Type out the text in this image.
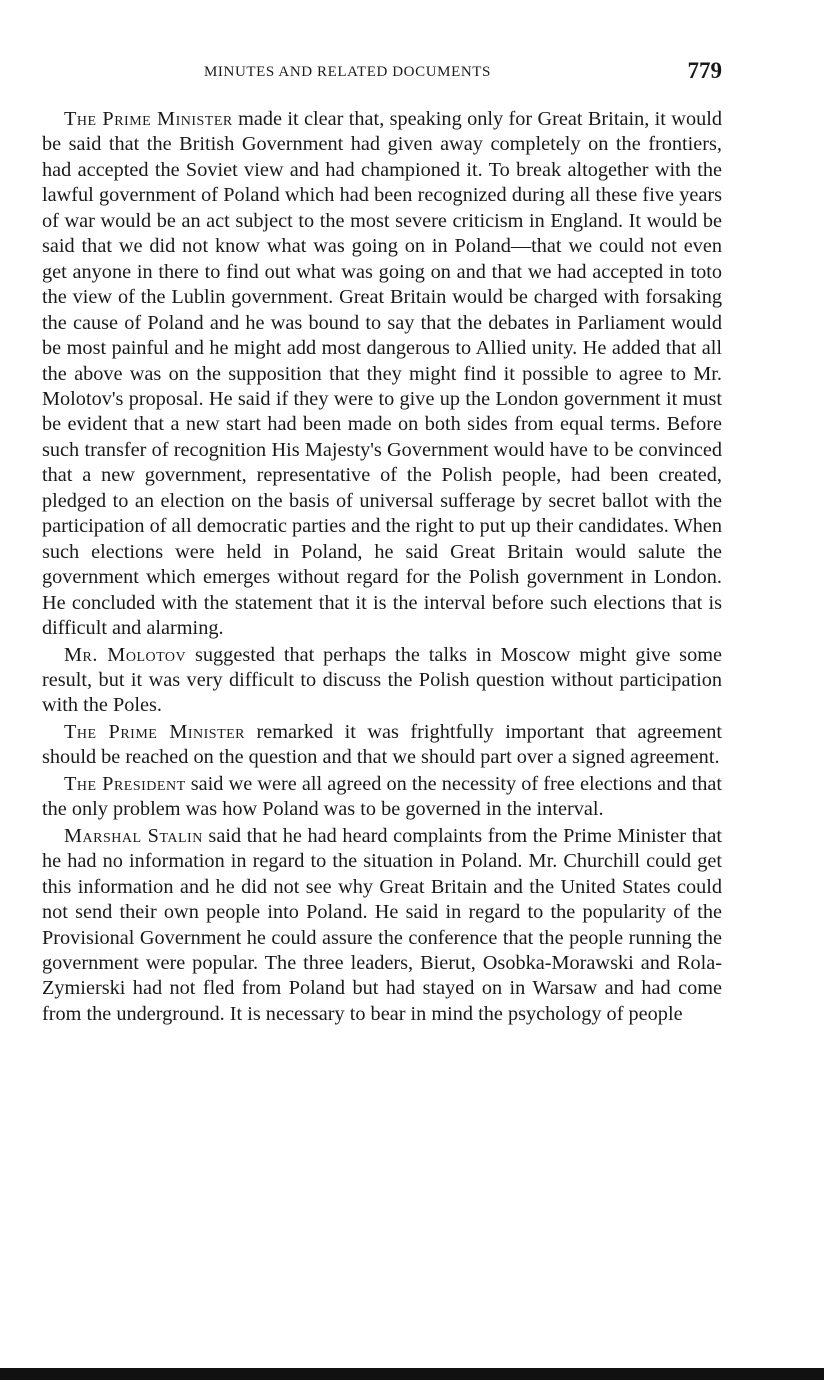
MINUTES AND RELATED DOCUMENTS	779

The Prime Minister made it clear that, speaking only for Great Britain, it would be said that the British Government had given away completely on the frontiers, had accepted the Soviet view and had championed it. To break altogether with the lawful government of Poland which had been recognized during all these five years of war would be an act subject to the most severe criticism in England. It would be said that we did not know what was going on in Poland—that we could not even get anyone in there to find out what was going on and that we had accepted in toto the view of the Lublin government. Great Britain would be charged with forsaking the cause of Poland and he was bound to say that the debates in Parliament would be most painful and he might add most dangerous to Allied unity. He added that all the above was on the supposition that they might find it possible to agree to Mr. Molotov's proposal. He said if they were to give up the London government it must be evident that a new start had been made on both sides from equal terms. Before such transfer of recognition His Majesty's Government would have to be convinced that a new government, representative of the Polish people, had been created, pledged to an election on the basis of universal sufferage by secret ballot with the participation of all democratic parties and the right to put up their candidates. When such elections were held in Poland, he said Great Britain would salute the government which emerges without regard for the Polish government in London. He concluded with the statement that it is the interval before such elections that is difficult and alarming.

Mr. Molotov suggested that perhaps the talks in Moscow might give some result, but it was very difficult to discuss the Polish question without participation with the Poles.

The Prime Minister remarked it was frightfully important that agreement should be reached on the question and that we should part over a signed agreement.

The President said we were all agreed on the necessity of free elections and that the only problem was how Poland was to be governed in the interval.

Marshal Stalin said that he had heard complaints from the Prime Minister that he had no information in regard to the situation in Poland. Mr. Churchill could get this information and he did not see why Great Britain and the United States could not send their own people into Poland. He said in regard to the popularity of the Provisional Government he could assure the conference that the people running the government were popular. The three leaders, Bierut, Osobka-Morawski and Rola-Zymierski had not fled from Poland but had stayed on in Warsaw and had come from the underground. It is necessary to bear in mind the psychology of people
